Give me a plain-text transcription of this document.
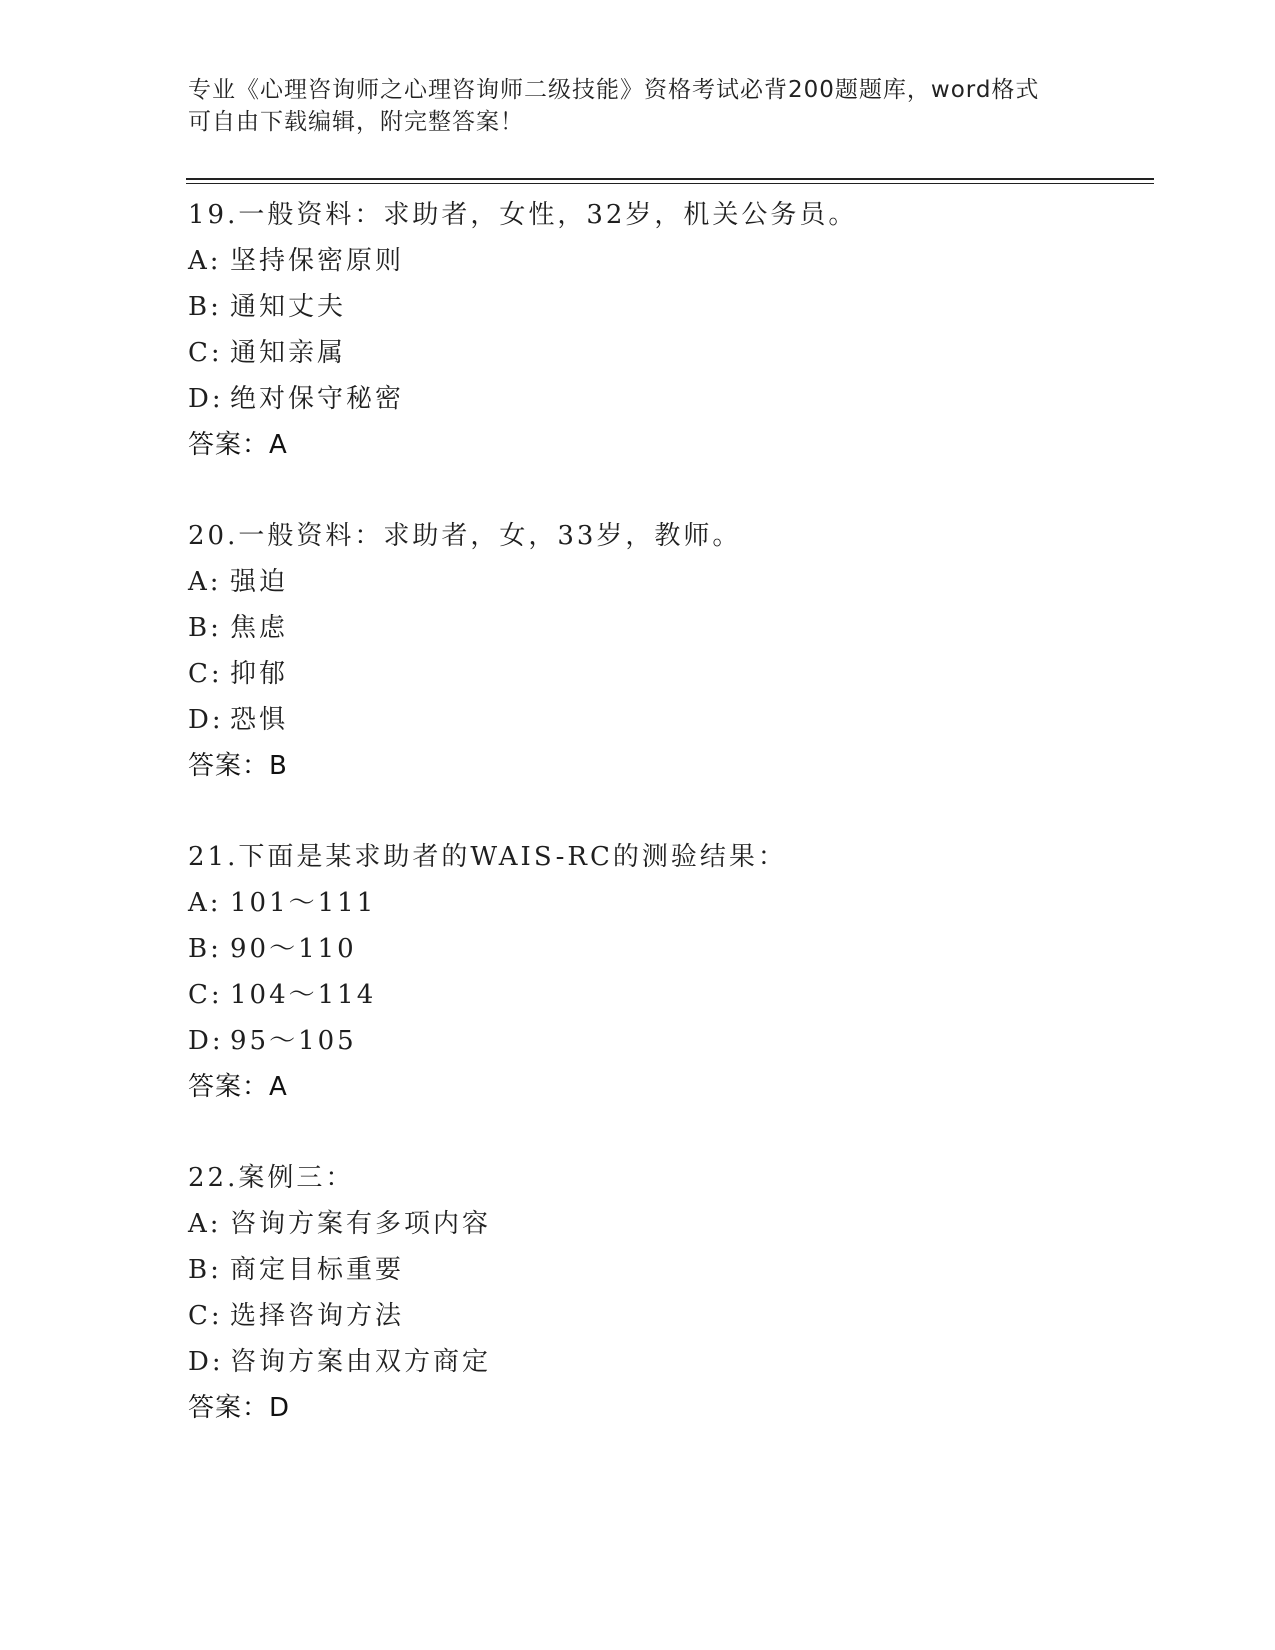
专业《心理咨询师之心理咨询师二级技能》资格考试必背200题题库，word格式
可自由下载编辑，附完整答案！
19.一般资料：求助者，女性，32岁，机关公务员。
A: 坚持保密原则
B: 通知丈夫
C: 通知亲属
D: 绝对保守秘密
答案：A
20.一般资料：求助者，女，33岁，教师。
A: 强迫
B: 焦虑
C: 抑郁
D: 恐惧
答案：B
21.下面是某求助者的WAIS-RC的测验结果：
A: 101～111
B: 90～110
C: 104～114
D: 95～105
答案：A
22.案例三：
A: 咨询方案有多项内容
B: 商定目标重要
C: 选择咨询方法
D: 咨询方案由双方商定
答案：D
